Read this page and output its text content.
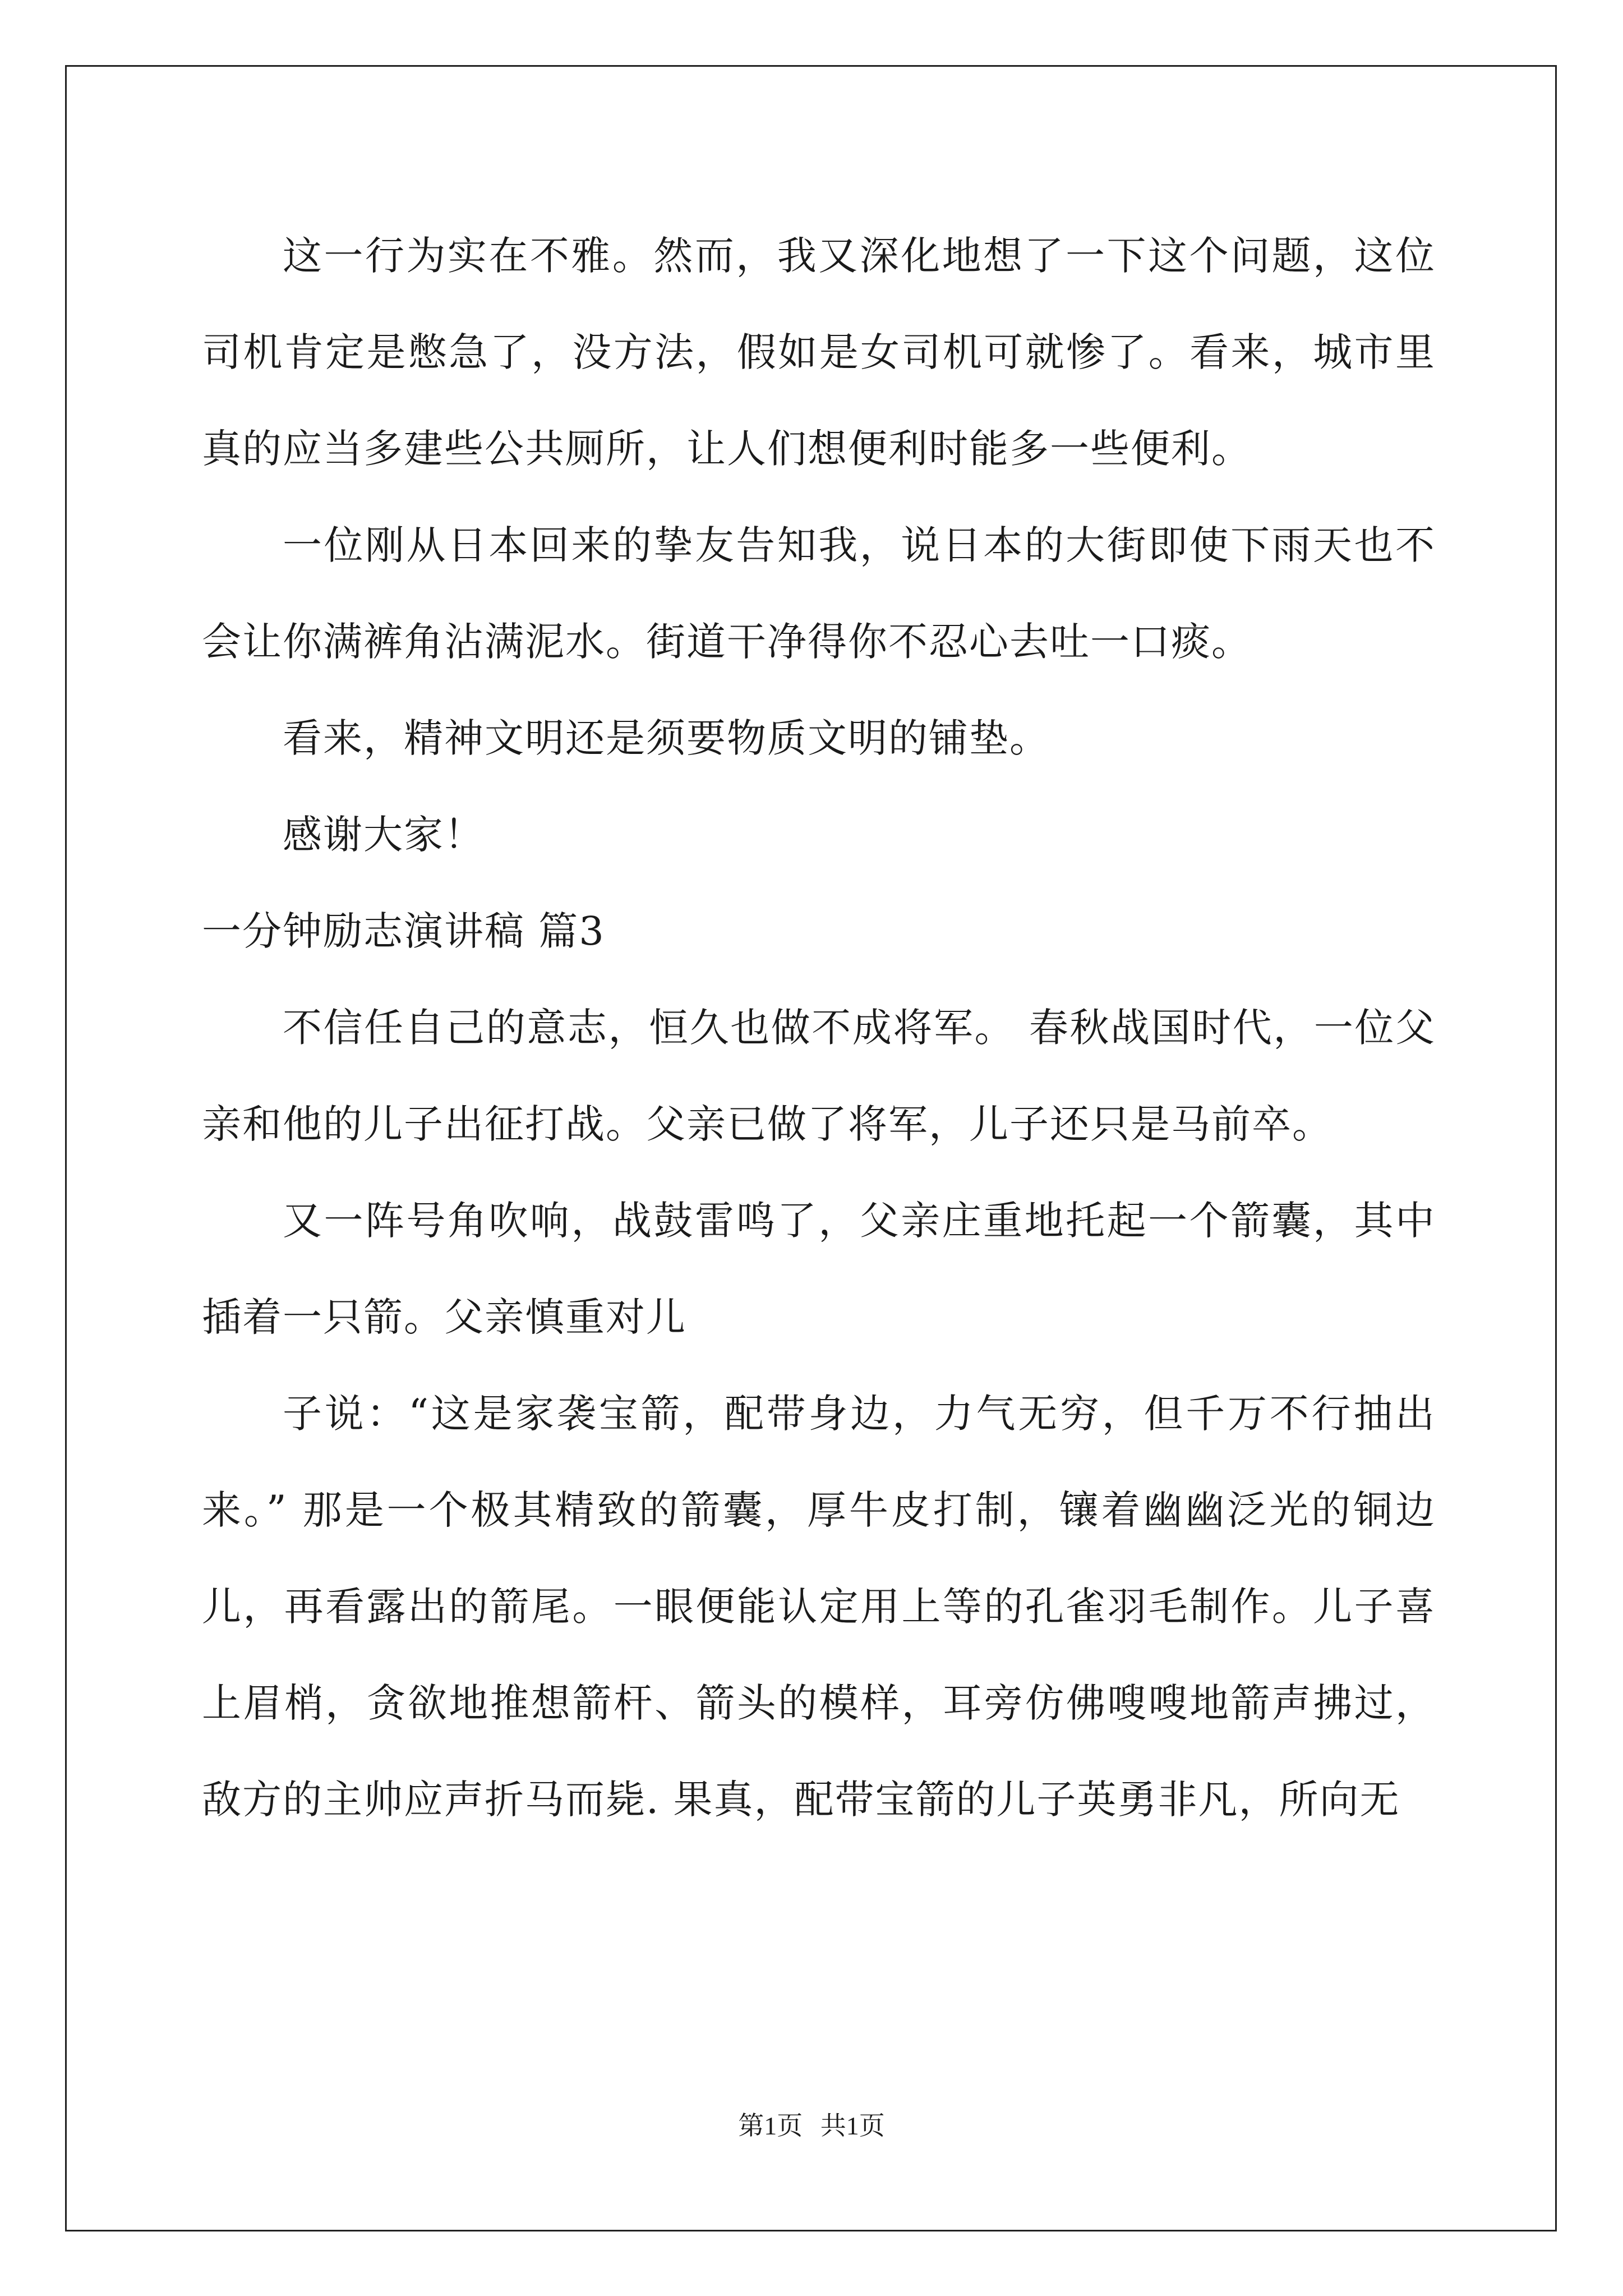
这一行为实在不雅。然而，我又深化地想了一下这个问题，这位司机肯定是憋急了，没方法，假如是女司机可就惨了。看来，城市里真的应当多建些公共厕所，让人们想便利时能多一些便利。

一位刚从日本回来的挚友告知我，说日本的大街即使下雨天也不会让你满裤角沾满泥水。街道干净得你不忍心去吐一口痰。

看来，精神文明还是须要物质文明的铺垫。

感谢大家！

一分钟励志演讲稿 篇3

不信任自己的意志，恒久也做不成将军。 春秋战国时代，一位父亲和他的儿子出征打战。父亲已做了将军，儿子还只是马前卒。

又一阵号角吹响，战鼓雷鸣了，父亲庄重地托起一个箭囊，其中插着一只箭。父亲慎重对儿

子说：“这是家袭宝箭，配带身边，力气无穷，但千万不行抽出来。” 那是一个极其精致的箭囊，厚牛皮打制，镶着幽幽泛光的铜边儿，再看露出的箭尾。一眼便能认定用上等的孔雀羽毛制作。儿子喜上眉梢，贪欲地推想箭杆、箭头的模样，耳旁仿佛嗖嗖地箭声拂过，敌方的主帅应声折马而毙. 果真，配带宝箭的儿子英勇非凡，所向无

第1页 共1页
